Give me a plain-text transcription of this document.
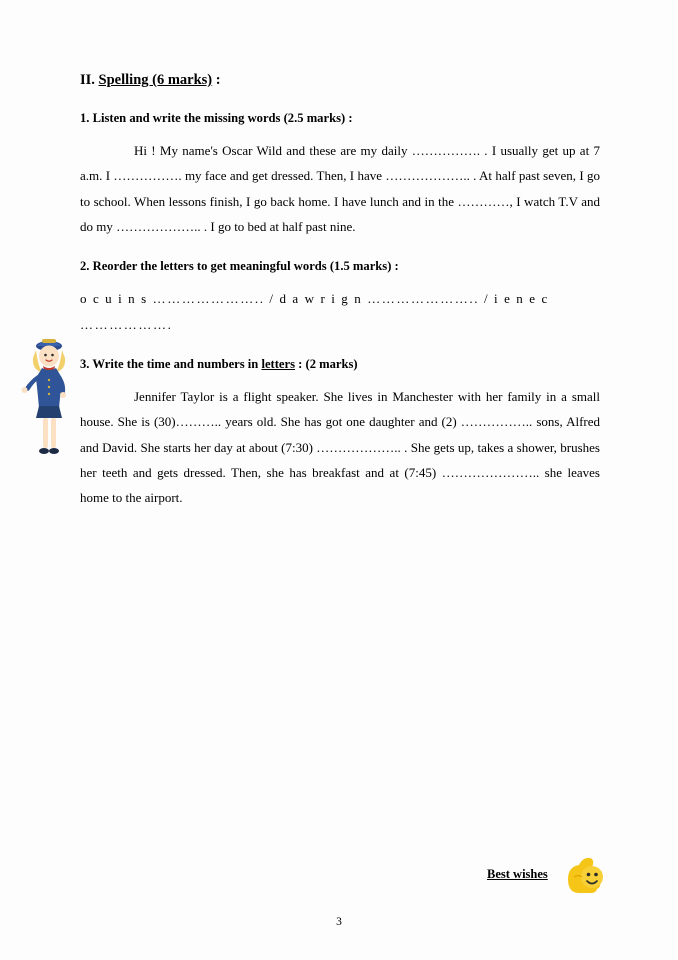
II. Spelling (6 marks) :
1. Listen and write the missing words (2.5 marks) :
Hi ! My name's Oscar Wild and these are my daily ……………. . I usually get up at 7 a.m. I ……………. my face and get dressed. Then, I have ……………….. . At half past seven, I go to school. When lessons finish, I go back home. I have lunch and in the …………, I watch T.V and do my ……………….. . I go to bed at half past nine.
2. Reorder the letters to get meaningful words (1.5 marks) :
o c u i n s ………………….. / d a w r i g n ………………….. / i e n e c ……………….
3. Write the time and numbers in letters : (2 marks)
Jennifer Taylor is a flight speaker. She lives in Manchester with her family in a small house. She is (30)……….. years old. She has got one daughter and (2) …………….. sons, Alfred and David. She starts her day at about (7:30) ……………….. . She gets up, takes a shower, brushes her teeth and gets dressed. Then, she has breakfast and at (7:45) ………………….. she leaves home to the airport.
Best wishes
3
